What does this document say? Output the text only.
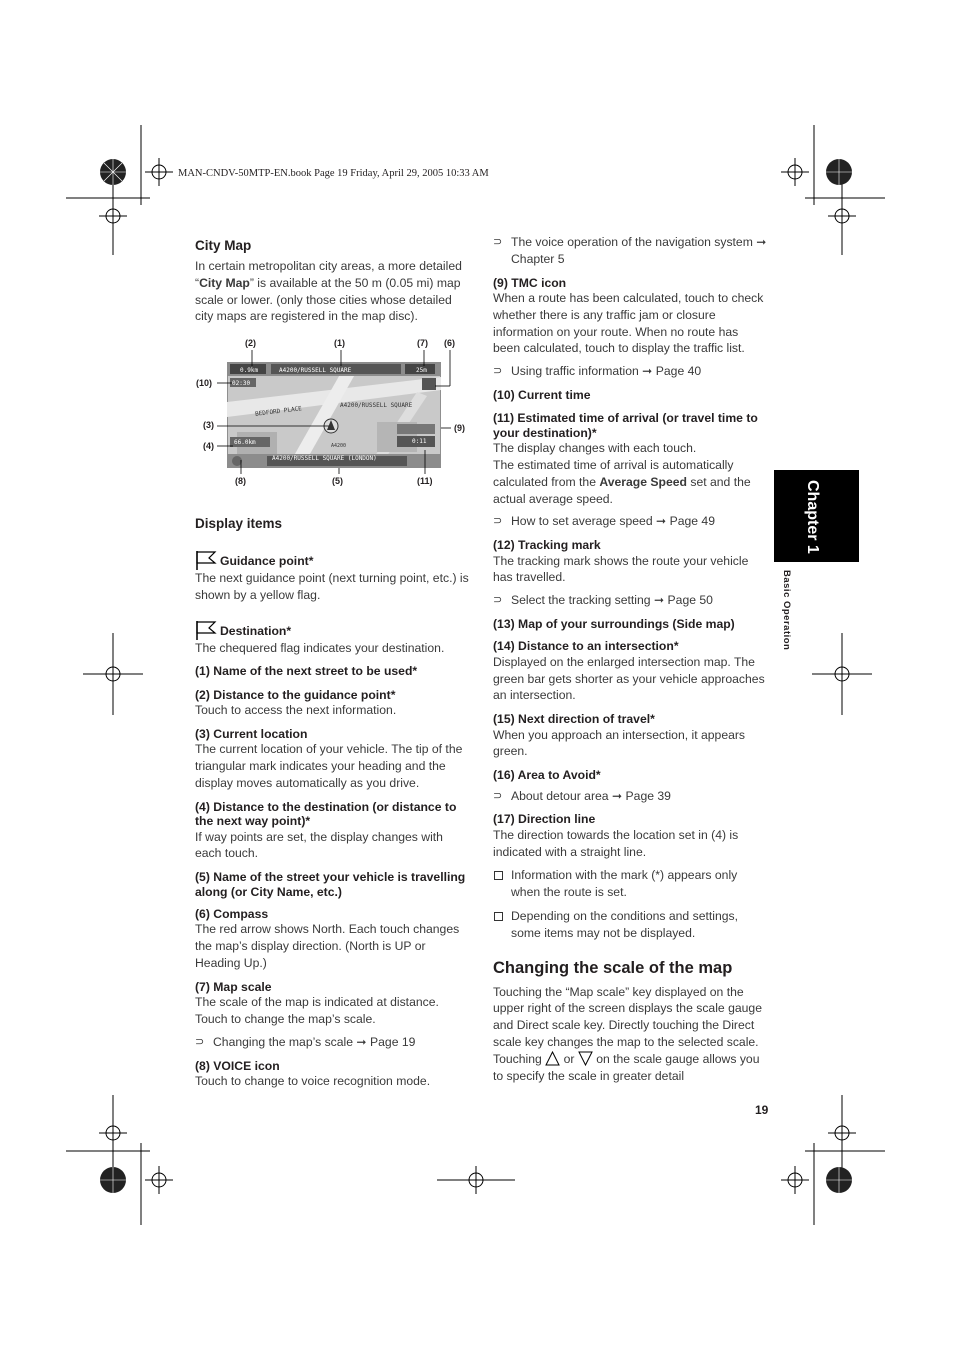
MAN-CNDV-50MTP-EN.book Page 19 Friday, April 29, 2005 10:33 AM
Chapter 1
Basic Operation
City Map

In certain metropolitan city areas, a more detailed “City Map” is available at the 50 m (0.05 mi) map scale or lower. (only those cities whose detailed city maps are registered in the map disc).

(2)	(1)	(7) (6)
(10)
(3)	(9)
(4)
(8)	(5)	(11)
A4200/RUSSELL SQUARE
0.9km	25m
02:30
A4200/RUSSELL SQUARE
BEDFORD PLACE
A4200
66.0km	0:11
A4200/RUSSELL SQUARE (LONDON)
Display items
Guidance point*

The next guidance point (next turning point, etc.) is shown by a yellow flag.

Destination*

The chequered flag indicates your destination.

(1) Name of the next street to be used*

(2) Distance to the guidance point*

Touch to access the next information.

(3) Current location

The current location of your vehicle. The tip of the triangular mark indicates your heading and the display moves automatically as you drive.

(4) Distance to the destination (or distance to the next way point)*

If way points are set, the display changes with each touch.

(5) Name of the street your vehicle is travelling along (or City Name, etc.)

(6) Compass

The red arrow shows North. Each touch changes the map’s display direction. (North is UP or Heading Up.)

(7) Map scale

The scale of the map is indicated at distance. Touch to change the map’s scale.

⊃ Changing the map’s scale ➞ Page 19

(8) VOICE icon

Touch to change to voice recognition mode.

⊃ The voice operation of the navigation system ➞ Chapter 5

(9) TMC icon

When a route has been calculated, touch to check whether there is any traffic jam or closure information on your route. When no route has been calculated, touch to display the traffic list.

⊃ Using traffic information ➞ Page 40

(10) Current time

(11) Estimated time of arrival (or travel time to your destination)*

The display changes with each touch.

The estimated time of arrival is automatically calculated from the Average Speed set and the actual average speed.

⊃ How to set average speed ➞ Page 49

(12) Tracking mark

The tracking mark shows the route your vehicle has travelled.

⊃ Select the tracking setting ➞ Page 50

(13) Map of your surroundings (Side map)

(14) Distance to an intersection*

Displayed on the enlarged intersection map. The green bar gets shorter as your vehicle approaches an intersection.

(15) Next direction of travel*

When you approach an intersection, it appears green.

(16) Area to Avoid*

⊃ About detour area ➞ Page 39

(17) Direction line

The direction towards the location set in (4) is indicated with a straight line.

Information with the mark (*) appears only when the route is set.

Depending on the conditions and settings, some items may not be displayed.

Changing the scale of the map

Touching the “Map scale” key displayed on the upper right of the screen displays the scale gauge and Direct scale key. Directly touching the Direct scale key changes the map to the selected scale. Touching or on the scale gauge allows you to specify the scale in greater detail

19
